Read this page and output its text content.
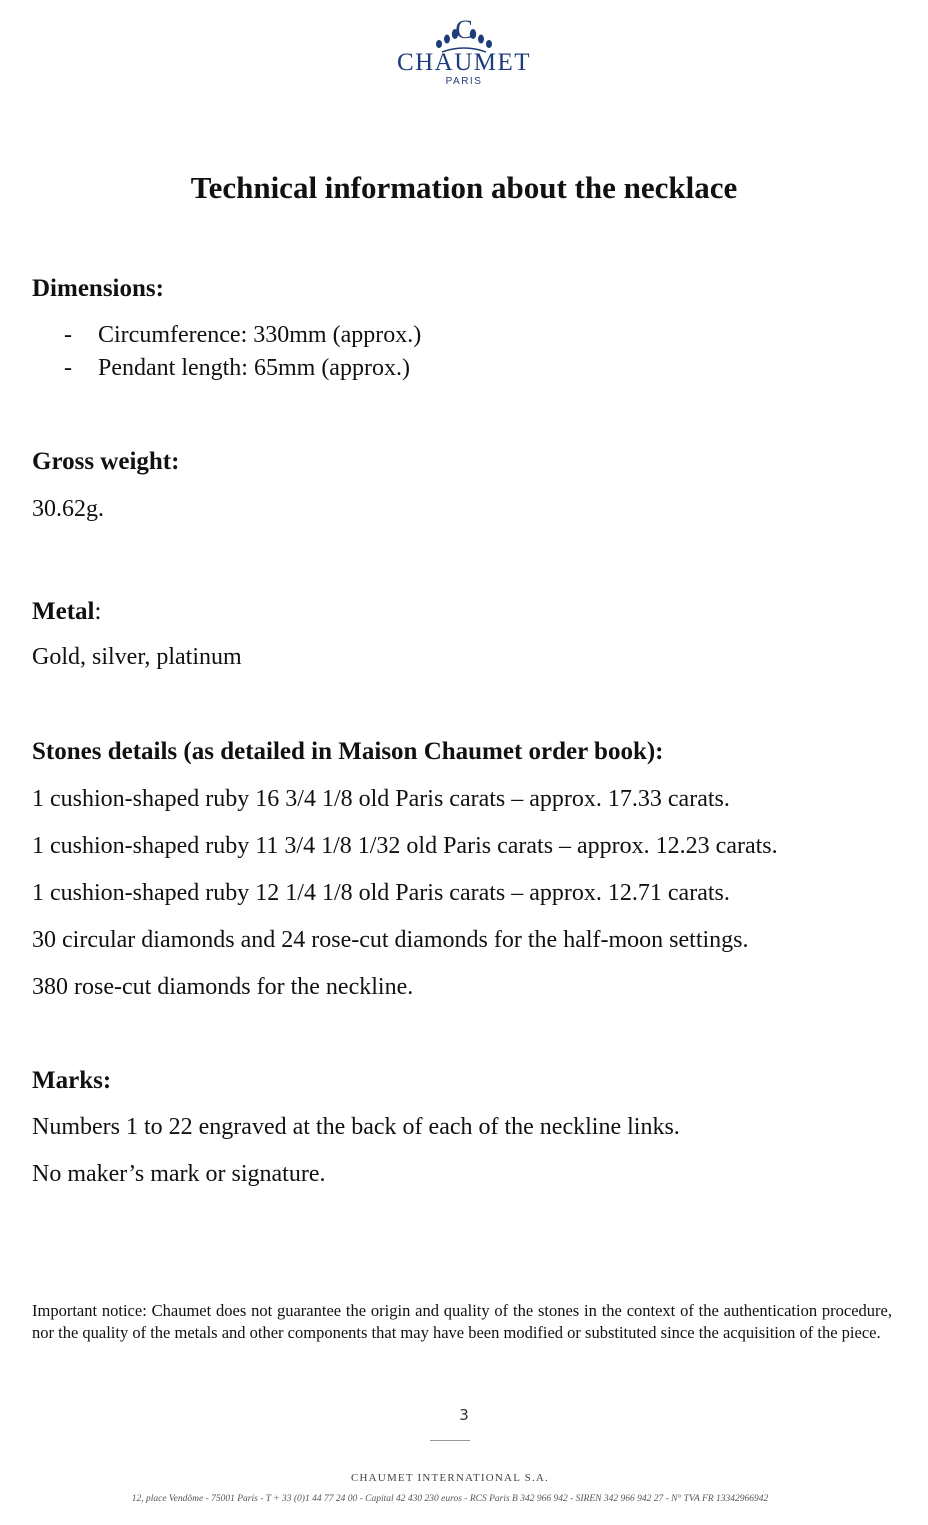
C
CHAUMET
PARIS
Technical information about the necklace
Dimensions:
- Circumference: 330mm (approx.)
- Pendant length: 65mm (approx.)
Gross weight:
30.62g.
Metal:
Gold, silver, platinum
Stones details (as detailed in Maison Chaumet order book):
1 cushion-shaped ruby 16 3/4 1/8 old Paris carats – approx. 17.33 carats.
1 cushion-shaped ruby 11 3/4 1/8 1/32 old Paris carats – approx. 12.23 carats.
1 cushion-shaped ruby 12 1/4 1/8 old Paris carats – approx. 12.71 carats.
30 circular diamonds and 24 rose-cut diamonds for the half-moon settings.
380 rose-cut diamonds for the neckline.
Marks:
Numbers 1 to 22 engraved at the back of each of the neckline links.
No maker’s mark or signature.

Important notice: Chaumet does not guarantee the origin and quality of the stones in the context of the authentication procedure, nor the quality of the metals and other components that may have been modified or substituted since the acquisition of the piece.

3
CHAUMET INTERNATIONAL S.A.
12, place Vendôme - 75001 Paris - T + 33 (0)1 44 77 24 00 - Capital 42 430 230 euros - RCS Paris B 342 966 942 - SIREN 342 966 942 27 - N° TVA FR 13342966942
